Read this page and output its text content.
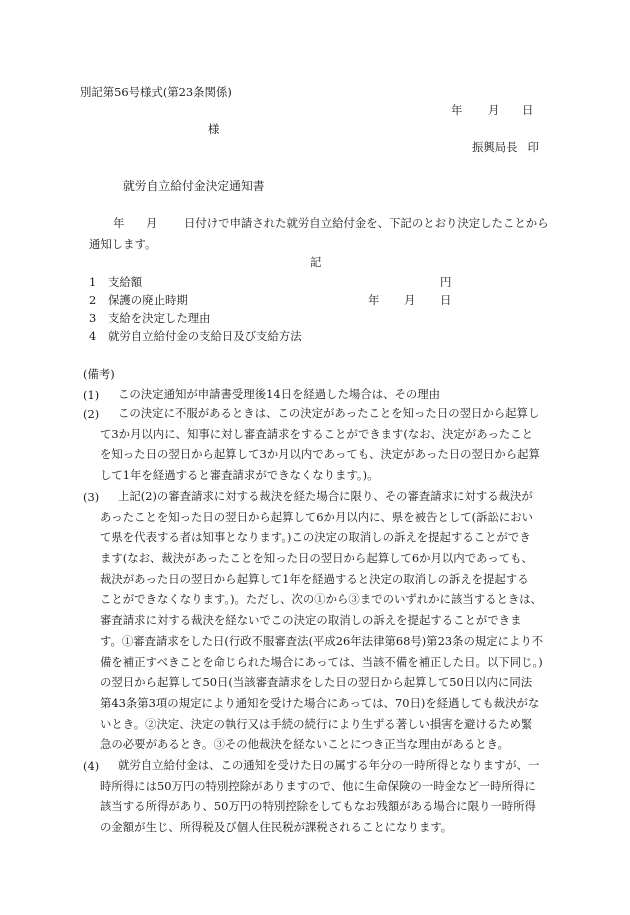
別記第56号様式(第23条関係)
年 月 日
様
振興局長 印
就労自立給付金決定通知書
年 月 日付けで申請された就労自立給付金を、下記のとおり決定したことから
通知します。
記
1 支給額	円
2 保護の廃止時期	年 月 日
3 支給を決定した理由
4 就労自立給付金の支給日及び支給方法
(備考)
(1)	この決定通知が申請書受理後14日を経過した場合は、その理由

(2)	この決定に不服があるときは、この決定があったことを知った日の翌日から起算し

て3か月以内に、知事に対し審査請求をすることができます(なお、決定があったこと

を知った日の翌日から起算して3か月以内であっても、決定があった日の翌日から起算

して1年を経過すると審査請求ができなくなります。)。

(3)	上記(2)の審査請求に対する裁決を経た場合に限り、その審査請求に対する裁決が

あったことを知った日の翌日から起算して6か月以内に、県を被告として(訴訟におい

て県を代表する者は知事となります。)この決定の取消しの訴えを提起することができ

ます(なお、裁決があったことを知った日の翌日から起算して6か月以内であっても、

裁決があった日の翌日から起算して1年を経過すると決定の取消しの訴えを提起する

ことができなくなります。)。ただし、次の①から③までのいずれかに該当するときは、

審査請求に対する裁決を経ないでこの決定の取消しの訴えを提起することができま

す。①審査請求をした日(行政不服審査法(平成26年法律第68号)第23条の規定により不

備を補正すべきことを命じられた場合にあっては、当該不備を補正した日。以下同じ。)

の翌日から起算して50日(当該審査請求をした日の翌日から起算して50日以内に同法

第43条第3項の規定により通知を受けた場合にあっては、70日)を経過しても裁決がな

いとき。②決定、決定の執行又は手続の続行により生ずる著しい損害を避けるため緊

急の必要があるとき。③その他裁決を経ないことにつき正当な理由があるとき。

(4)	就労自立給付金は、この通知を受けた日の属する年分の一時所得となりますが、一

時所得には50万円の特別控除がありますので、他に生命保険の一時金など一時所得に

該当する所得があり、50万円の特別控除をしてもなお残額がある場合に限り一時所得

の金額が生じ、所得税及び個人住民税が課税されることになります。
